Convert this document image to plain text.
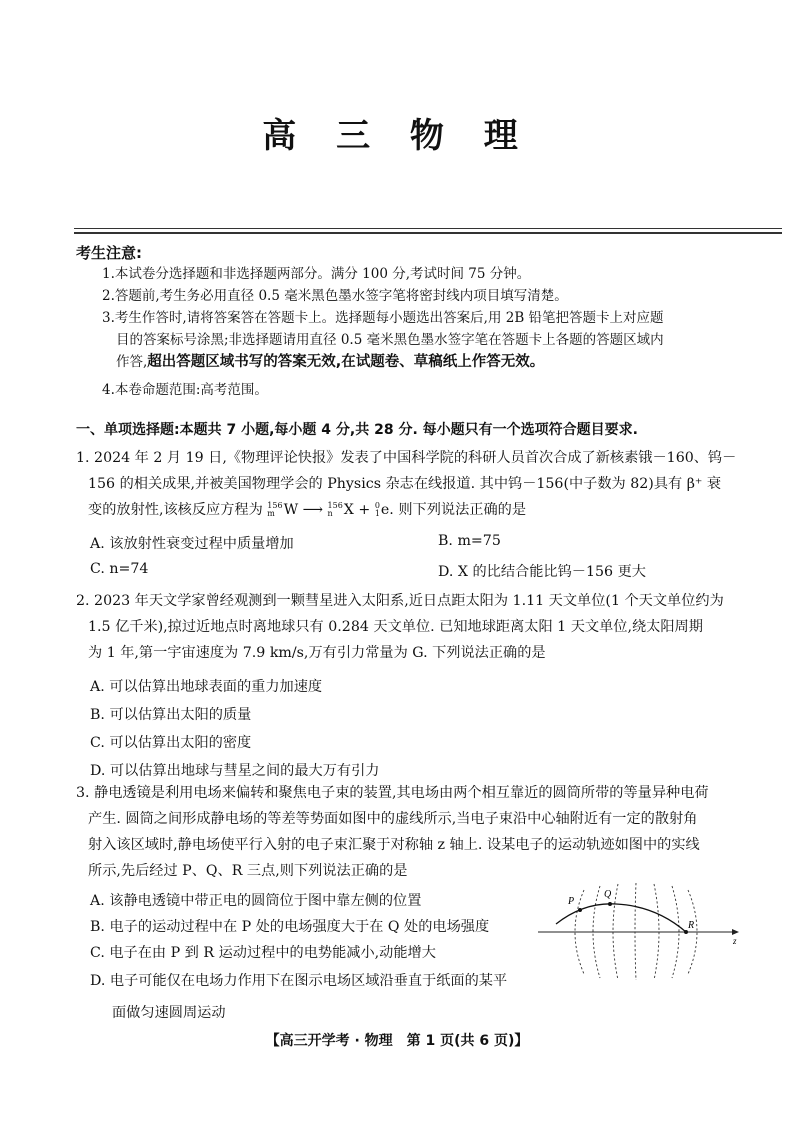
高 三 物 理
考生注意:
1.本试卷分选择题和非选择题两部分。满分 100 分,考试时间 75 分钟。
2.答题前,考生务必用直径 0.5 毫米黑色墨水签字笔将密封线内项目填写清楚。
3.考生作答时,请将答案答在答题卡上。选择题每小题选出答案后,用 2B 铅笔把答题卡上对应题
目的答案标号涂黑;非选择题请用直径 0.5 毫米黑色墨水签字笔在答题卡上各题的答题区域内
作答,超出答题区域书写的答案无效,在试题卷、草稿纸上作答无效。
4.本卷命题范围:高考范围。
一、单项选择题:本题共 7 小题,每小题 4 分,共 28 分. 每小题只有一个选项符合题目要求.
1. 2024 年 2 月 19 日,《物理评论快报》发表了中国科学院的科研人员首次合成了新核素锇－160、钨－
156 的相关成果,并被美国物理学会的 Physics 杂志在线报道. 其中钨－156(中子数为 82)具有 β⁺ 衰
变的放射性,该核反应方程为 156
m W ⟶ 156
n X + 0
1e. 则下列说法正确的是
A. 该放射性衰变过程中质量增加	B. m=75
C. n=74	D. X 的比结合能比钨－156 更大
2. 2023 年天文学家曾经观测到一颗彗星进入太阳系,近日点距太阳为 1.11 天文单位(1 个天文单位约为
1.5 亿千米),掠过近地点时离地球只有 0.284 天文单位. 已知地球距离太阳 1 天文单位,绕太阳周期
为 1 年,第一宇宙速度为 7.9 km/s,万有引力常量为 G. 下列说法正确的是
A. 可以估算出地球表面的重力加速度
B. 可以估算出太阳的质量
C. 可以估算出太阳的密度
D. 可以估算出地球与彗星之间的最大万有引力
3. 静电透镜是利用电场来偏转和聚焦电子束的装置,其电场由两个相互靠近的圆筒所带的等量异种电荷
产生. 圆筒之间形成静电场的等差等势面如图中的虚线所示,当电子束沿中心轴附近有一定的散射角
射入该区域时,静电场使平行入射的电子束汇聚于对称轴 z 轴上. 设某电子的运动轨迹如图中的实线
所示,先后经过 P、Q、R 三点,则下列说法正确的是
A. 该静电透镜中带正电的圆筒位于图中靠左侧的位置
B. 电子的运动过程中在 P 处的电场强度大于在 Q 处的电场强度
C. 电子在由 P 到 R 运动过程中的电势能减小,动能增大
D. 电子可能仅在电场力作用下在图示电场区域沿垂直于纸面的某平
面做匀速圆周运动
P
Q
R
z
【高三开学考 · 物理　第 1 页(共 6 页)】
